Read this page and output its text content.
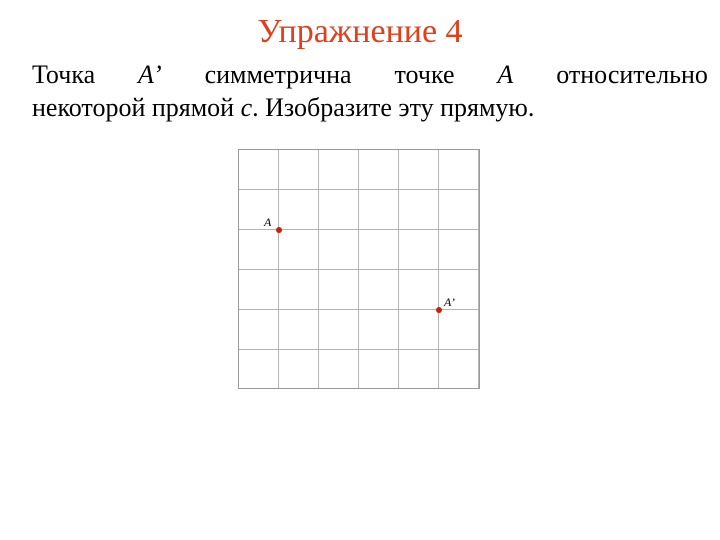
Упражнение 4
Точка A’ симметрична точке A относительно
некоторой прямой c. Изобразите эту прямую.
A
A’
